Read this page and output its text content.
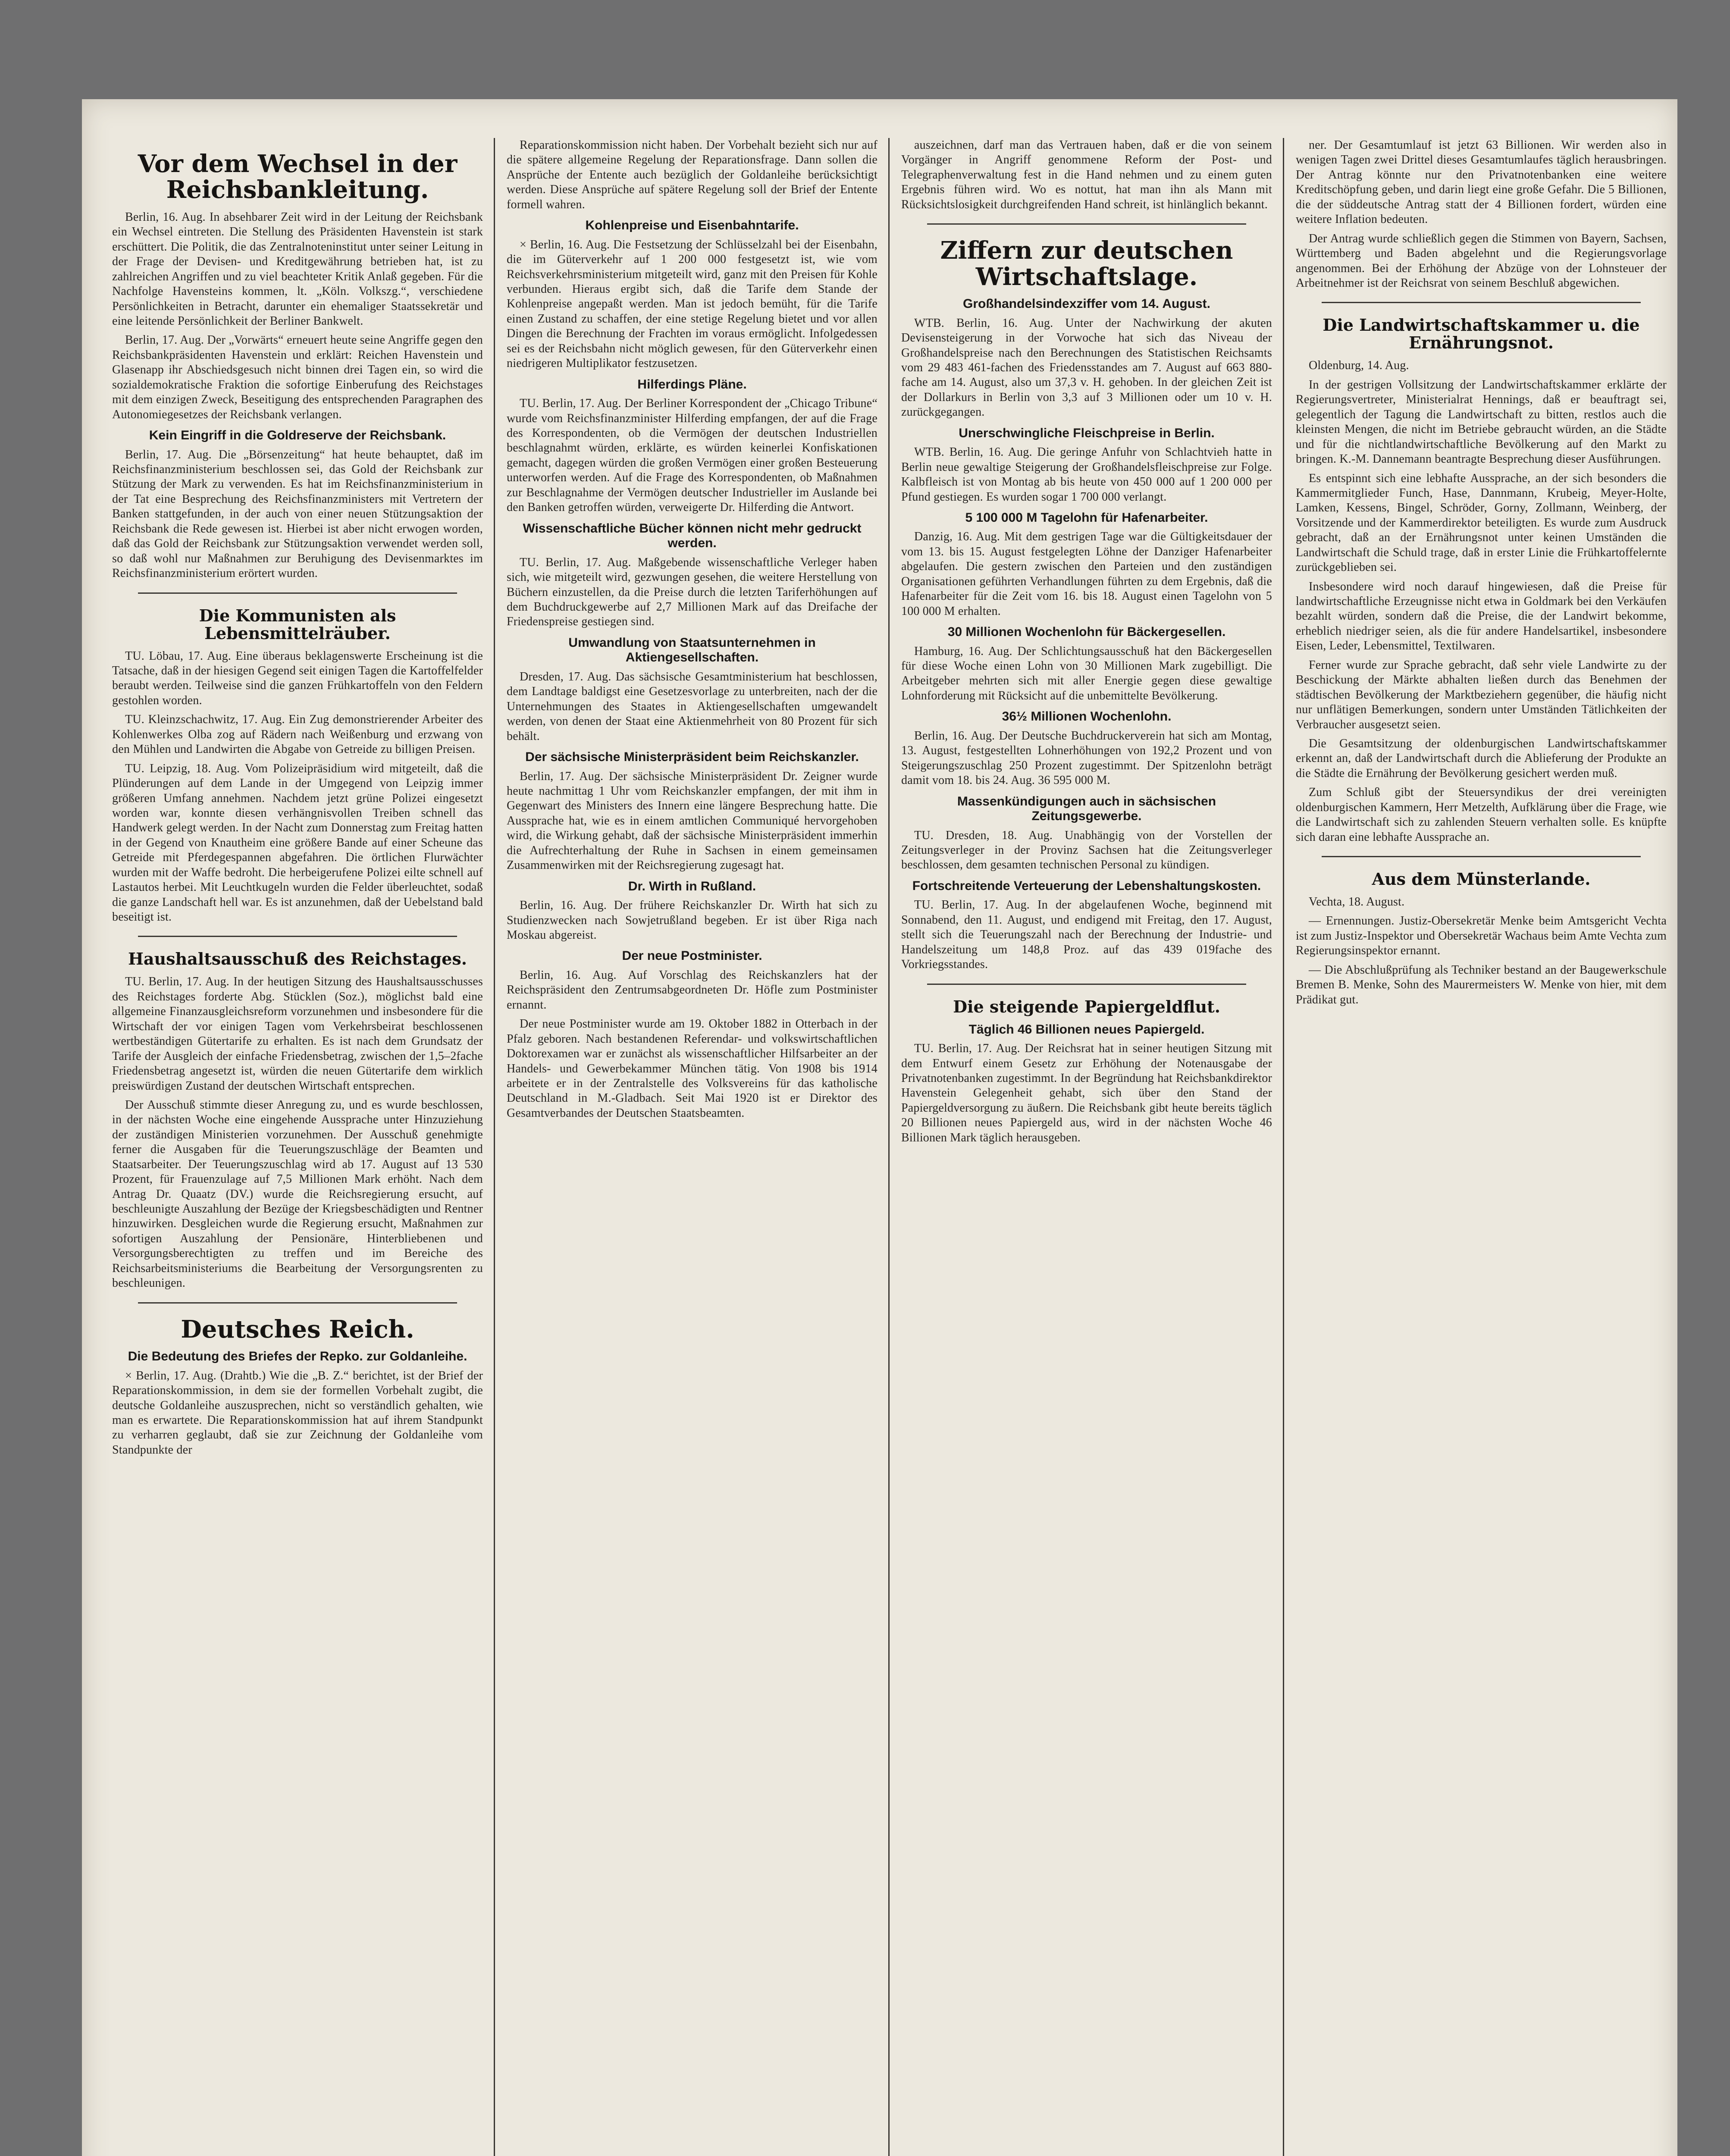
Vor dem Wechsel in der Reichsbankleitung.
Berlin, 16. Aug. In absehbarer Zeit wird in der Leitung der Reichsbank ein Wechsel eintreten. Die Stellung des Präsidenten Havenstein ist stark erschüttert. Die Politik, die das Zentralnoteninstitut unter seiner Leitung in der Frage der Devisen- und Kreditgewährung betrieben hat, ist zu zahlreichen Angriffen und zu viel beachteter Kritik Anlaß gegeben. Für die Nachfolge Havensteins kommen, lt. „Köln. Volkszg.“, verschiedene Persönlichkeiten in Betracht, darunter ein ehemaliger Staatssekretär und eine leitende Persönlichkeit der Berliner Bankwelt.
Berlin, 17. Aug. Der „Vorwärts“ erneuert heute seine Angriffe gegen den Reichsbankpräsidenten Havenstein und erklärt: Reichen Havenstein und Glasenapp ihr Abschiedsgesuch nicht binnen drei Tagen ein, so wird die sozialdemokratische Fraktion die sofortige Einberufung des Reichstages mit dem einzigen Zweck, Beseitigung des entsprechenden Paragraphen des Autonomiegesetzes der Reichsbank verlangen.
Kein Eingriff in die Goldreserve der Reichsbank.
Berlin, 17. Aug. Die „Börsenzeitung“ hat heute behauptet, daß im Reichsfinanzministerium beschlossen sei, das Gold der Reichsbank zur Stützung der Mark zu verwenden. Es hat im Reichsfinanzministerium in der Tat eine Besprechung des Reichsfinanzministers mit Vertretern der Banken stattgefunden, in der auch von einer neuen Stützungsaktion der Reichsbank die Rede gewesen ist. Hierbei ist aber nicht erwogen worden, daß das Gold der Reichsbank zur Stützungsaktion verwendet werden soll, so daß wohl nur Maßnahmen zur Beruhigung des Devisenmarktes im Reichsfinanzministerium erörtert wurden.
Die Kommunisten als Lebensmittelräuber.
TU. Löbau, 17. Aug. Eine überaus beklagenswerte Erscheinung ist die Tatsache, daß in der hiesigen Gegend seit einigen Tagen die Kartoffelfelder beraubt werden. Teilweise sind die ganzen Frühkartoffeln von den Feldern gestohlen worden.
TU. Kleinzschachwitz, 17. Aug. Ein Zug demonstrierender Arbeiter des Kohlenwerkes Olba zog auf Rädern nach Weißenburg und erzwang von den Mühlen und Landwirten die Abgabe von Getreide zu billigen Preisen.
TU. Leipzig, 18. Aug. Vom Polizeipräsidium wird mitgeteilt, daß die Plünderungen auf dem Lande in der Umgegend von Leipzig immer größeren Umfang annehmen. Nachdem jetzt grüne Polizei eingesetzt worden war, konnte diesen verhängnisvollen Treiben schnell das Handwerk gelegt werden. In der Nacht zum Donnerstag zum Freitag hatten in der Gegend von Knautheim eine größere Bande auf einer Scheune das Getreide mit Pferdegespannen abgefahren. Die örtlichen Flurwächter wurden mit der Waffe bedroht. Die herbeigerufene Polizei eilte schnell auf Lastautos herbei. Mit Leuchtkugeln wurden die Felder überleuchtet, sodaß die ganze Landschaft hell war. Es ist anzunehmen, daß der Uebelstand bald beseitigt ist.
Haushaltsausschuß des Reichstages.
TU. Berlin, 17. Aug. In der heutigen Sitzung des Haushaltsausschusses des Reichstages forderte Abg. Stücklen (Soz.), möglichst bald eine allgemeine Finanzausgleichsreform vorzunehmen und insbesondere für die Wirtschaft der vor einigen Tagen vom Verkehrsbeirat beschlossenen wertbeständigen Gütertarife zu erhalten. Es ist nach dem Grundsatz der Tarife der Ausgleich der einfache Friedensbetrag, zwischen der 1,5–2fache Friedensbetrag angesetzt ist, würden die neuen Gütertarife dem wirklich preiswürdigen Zustand der deutschen Wirtschaft entsprechen.
Der Ausschuß stimmte dieser Anregung zu, und es wurde beschlossen, in der nächsten Woche eine eingehende Aussprache unter Hinzuziehung der zuständigen Ministerien vorzunehmen. Der Ausschuß genehmigte ferner die Ausgaben für die Teuerungszuschläge der Beamten und Staatsarbeiter. Der Teuerungszuschlag wird ab 17. August auf 13 530 Prozent, für Frauenzulage auf 7,5 Millionen Mark erhöht. Nach dem Antrag Dr. Quaatz (DV.) wurde die Reichsregierung ersucht, auf beschleunigte Auszahlung der Bezüge der Kriegsbeschädigten und Rentner hinzuwirken. Desgleichen wurde die Regierung ersucht, Maßnahmen zur sofortigen Auszahlung der Pensionäre, Hinterbliebenen und Versorgungsberechtigten zu treffen und im Bereiche des Reichsarbeitsministeriums die Bearbeitung der Versorgungsrenten zu beschleunigen.
Deutsches Reich.
Die Bedeutung des Briefes der Repko. zur Goldanleihe.
× Berlin, 17. Aug. (Drahtb.) Wie die „B. Z.“ berichtet, ist der Brief der Reparationskommission, in dem sie der formellen Vorbehalt zugibt, die deutsche Goldanleihe auszusprechen, nicht so verständlich gehalten, wie man es erwartete. Die Reparationskommission hat auf ihrem Standpunkt zu verharren geglaubt, daß sie zur Zeichnung der Goldanleihe vom Standpunkte der
Reparationskommission nicht haben. Der Vorbehalt bezieht sich nur auf die spätere allgemeine Regelung der Reparationsfrage. Dann sollen die Ansprüche der Entente auch bezüglich der Goldanleihe berücksichtigt werden. Diese Ansprüche auf spätere Regelung soll der Brief der Entente formell wahren.
Kohlenpreise und Eisenbahntarife.
× Berlin, 16. Aug. Die Festsetzung der Schlüsselzahl bei der Eisenbahn, die im Güterverkehr auf 1 200 000 festgesetzt ist, wie vom Reichsverkehrsministerium mitgeteilt wird, ganz mit den Preisen für Kohle verbunden. Hieraus ergibt sich, daß die Tarife dem Stande der Kohlenpreise angepaßt werden. Man ist jedoch bemüht, für die Tarife einen Zustand zu schaffen, der eine stetige Regelung bietet und vor allen Dingen die Berechnung der Frachten im voraus ermöglicht. Infolgedessen sei es der Reichsbahn nicht möglich gewesen, für den Güterverkehr einen niedrigeren Multiplikator festzusetzen.
Hilferdings Pläne.
TU. Berlin, 17. Aug. Der Berliner Korrespondent der „Chicago Tribune“ wurde vom Reichsfinanzminister Hilferding empfangen, der auf die Frage des Korrespondenten, ob die Vermögen der deutschen Industriellen beschlagnahmt würden, erklärte, es würden keinerlei Konfiskationen gemacht, dagegen würden die großen Vermögen einer großen Besteuerung unterworfen werden. Auf die Frage des Korrespondenten, ob Maßnahmen zur Beschlagnahme der Vermögen deutscher Industrieller im Auslande bei den Banken getroffen würden, verweigerte Dr. Hilferding die Antwort.
Wissenschaftliche Bücher können nicht mehr gedruckt werden.
TU. Berlin, 17. Aug. Maßgebende wissenschaftliche Verleger haben sich, wie mitgeteilt wird, gezwungen gesehen, die weitere Herstellung von Büchern einzustellen, da die Preise durch die letzten Tariferhöhungen auf dem Buchdruckgewerbe auf 2,7 Millionen Mark auf das Dreifache der Friedenspreise gestiegen sind.
Umwandlung von Staatsunternehmen in Aktiengesellschaften.
Dresden, 17. Aug. Das sächsische Gesamtministerium hat beschlossen, dem Landtage baldigst eine Gesetzesvorlage zu unterbreiten, nach der die Unternehmungen des Staates in Aktiengesellschaften umgewandelt werden, von denen der Staat eine Aktienmehrheit von 80 Prozent für sich behält.
Der sächsische Ministerpräsident beim Reichskanzler.
Berlin, 17. Aug. Der sächsische Ministerpräsident Dr. Zeigner wurde heute nachmittag 1 Uhr vom Reichskanzler empfangen, der mit ihm in Gegenwart des Ministers des Innern eine längere Besprechung hatte. Die Aussprache hat, wie es in einem amtlichen Communiqué hervorgehoben wird, die Wirkung gehabt, daß der sächsische Ministerpräsident immerhin die Aufrechterhaltung der Ruhe in Sachsen in einem gemeinsamen Zusammenwirken mit der Reichsregierung zugesagt hat.
Dr. Wirth in Rußland.
Berlin, 16. Aug. Der frühere Reichskanzler Dr. Wirth hat sich zu Studienzwecken nach Sowjetrußland begeben. Er ist über Riga nach Moskau abgereist.
Der neue Postminister.
Berlin, 16. Aug. Auf Vorschlag des Reichskanzlers hat der Reichspräsident den Zentrumsabgeordneten Dr. Höfle zum Postminister ernannt.
Der neue Postminister wurde am 19. Oktober 1882 in Otterbach in der Pfalz geboren. Nach bestandenen Referendar- und volkswirtschaftlichen Doktorexamen war er zunächst als wissenschaftlicher Hilfsarbeiter an der Handels- und Gewerbekammer München tätig. Von 1908 bis 1914 arbeitete er in der Zentralstelle des Volksvereins für das katholische Deutschland in M.-Gladbach. Seit Mai 1920 ist er Direktor des Gesamtverbandes der Deutschen Staatsbeamten.
auszeichnen, darf man das Vertrauen haben, daß er die von seinem Vorgänger in Angriff genommene Reform der Post- und Telegraphenverwaltung fest in die Hand nehmen und zu einem guten Ergebnis führen wird. Wo es nottut, hat man ihn als Mann mit Rücksichtslosigkeit durchgreifenden Hand schreit, ist hinlänglich bekannt.
Ziffern zur deutschen Wirtschaftslage.
Großhandelsindexziffer vom 14. August.
WTB. Berlin, 16. Aug. Unter der Nachwirkung der akuten Devisensteigerung in der Vorwoche hat sich das Niveau der Großhandelspreise nach den Berechnungen des Statistischen Reichsamts vom 29 483 461-fachen des Friedensstandes am 7. August auf 663 880-fache am 14. August, also um 37,3 v. H. gehoben. In der gleichen Zeit ist der Dollarkurs in Berlin von 3,3 auf 3 Millionen oder um 10 v. H. zurückgegangen.
Unerschwingliche Fleischpreise in Berlin.
WTB. Berlin, 16. Aug. Die geringe Anfuhr von Schlachtvieh hatte in Berlin neue gewaltige Steigerung der Großhandelsfleischpreise zur Folge. Kalbfleisch ist von Montag ab bis heute von 450 000 auf 1 200 000 per Pfund gestiegen. Es wurden sogar 1 700 000 verlangt.
5 100 000 M Tagelohn für Hafenarbeiter.
Danzig, 16. Aug. Mit dem gestrigen Tage war die Gültigkeitsdauer der vom 13. bis 15. August festgelegten Löhne der Danziger Hafenarbeiter abgelaufen. Die gestern zwischen den Parteien und den zuständigen Organisationen geführten Verhandlungen führten zu dem Ergebnis, daß die Hafenarbeiter für die Zeit vom 16. bis 18. August einen Tagelohn von 5 100 000 M erhalten.
30 Millionen Wochenlohn für Bäckergesellen.
Hamburg, 16. Aug. Der Schlichtungsausschuß hat den Bäckergesellen für diese Woche einen Lohn von 30 Millionen Mark zugebilligt. Die Arbeitgeber mehrten sich mit aller Energie gegen diese gewaltige Lohnforderung mit Rücksicht auf die unbemittelte Bevölkerung.
36½ Millionen Wochenlohn.
Berlin, 16. Aug. Der Deutsche Buchdruckerverein hat sich am Montag, 13. August, festgestellten Lohnerhöhungen von 192,2 Prozent und von Steigerungszuschlag 250 Prozent zugestimmt. Der Spitzenlohn beträgt damit vom 18. bis 24. Aug. 36 595 000 M.
Massenkündigungen auch in sächsischen Zeitungsgewerbe.
TU. Dresden, 18. Aug. Unabhängig von der Vorstellen der Zeitungsverleger in der Provinz Sachsen hat die Zeitungsverleger beschlossen, dem gesamten technischen Personal zu kündigen.
Fortschreitende Verteuerung der Lebenshaltungskosten.
TU. Berlin, 17. Aug. In der abgelaufenen Woche, beginnend mit Sonnabend, den 11. August, und endigend mit Freitag, den 17. August, stellt sich die Teuerungszahl nach der Berechnung der Industrie- und Handelszeitung um 148,8 Proz. auf das 439 019fache des Vorkriegsstandes.
Die steigende Papiergeldflut.
Täglich 46 Billionen neues Papiergeld.
TU. Berlin, 17. Aug. Der Reichsrat hat in seiner heutigen Sitzung mit dem Entwurf einem Gesetz zur Erhöhung der Notenausgabe der Privatnotenbanken zugestimmt. In der Begründung hat Reichsbankdirektor Havenstein Gelegenheit gehabt, sich über den Stand der Papiergeldversorgung zu äußern. Die Reichsbank gibt heute bereits täglich 20 Billionen neues Papiergeld aus, wird in der nächsten Woche 46 Billionen Mark täglich herausgeben.
ner. Der Gesamtumlauf ist jetzt 63 Billionen. Wir werden also in wenigen Tagen zwei Drittel dieses Gesamtumlaufes täglich herausbringen. Der Antrag könnte nur den Privatnotenbanken eine weitere Kreditschöpfung geben, und darin liegt eine große Gefahr. Die 5 Billionen, die der süddeutsche Antrag statt der 4 Billionen fordert, würden eine weitere Inflation bedeuten.
Der Antrag wurde schließlich gegen die Stimmen von Bayern, Sachsen, Württemberg und Baden abgelehnt und die Regierungsvorlage angenommen. Bei der Erhöhung der Abzüge von der Lohnsteuer der Arbeitnehmer ist der Reichsrat von seinem Beschluß abgewichen.
Die Landwirtschaftskammer u. die Ernährungsnot.
Oldenburg, 14. Aug.
In der gestrigen Vollsitzung der Landwirtschaftskammer erklärte der Regierungsvertreter, Ministerialrat Hennings, daß er beauftragt sei, gelegentlich der Tagung die Landwirtschaft zu bitten, restlos auch die kleinsten Mengen, die nicht im Betriebe gebraucht würden, an die Städte und für die nichtlandwirtschaftliche Bevölkerung auf den Markt zu bringen. K.-M. Dannemann beantragte Besprechung dieser Ausführungen.
Es entspinnt sich eine lebhafte Aussprache, an der sich besonders die Kammermitglieder Funch, Hase, Dannmann, Krubeig, Meyer-Holte, Lamken, Kessens, Bingel, Schröder, Gorny, Zollmann, Weinberg, der Vorsitzende und der Kammerdirektor beteiligten. Es wurde zum Ausdruck gebracht, daß an der Ernährungsnot unter keinen Umständen die Landwirtschaft die Schuld trage, daß in erster Linie die Frühkartoffelernte zurückgeblieben sei.
Insbesondere wird noch darauf hingewiesen, daß die Preise für landwirtschaftliche Erzeugnisse nicht etwa in Goldmark bei den Verkäufen bezahlt würden, sondern daß die Preise, die der Landwirt bekomme, erheblich niedriger seien, als die für andere Handelsartikel, insbesondere Eisen, Leder, Lebensmittel, Textilwaren.
Ferner wurde zur Sprache gebracht, daß sehr viele Landwirte zu der Beschickung der Märkte abhalten ließen durch das Benehmen der städtischen Bevölkerung der Marktbeziehern gegenüber, die häufig nicht nur unflätigen Bemerkungen, sondern unter Umständen Tätlichkeiten der Verbraucher ausgesetzt seien.
Die Gesamtsitzung der oldenburgischen Landwirtschaftskammer erkennt an, daß der Landwirtschaft durch die Ablieferung der Produkte an die Städte die Ernährung der Bevölkerung gesichert werden muß.
Zum Schluß gibt der Steuersyndikus der drei vereinigten oldenburgischen Kammern, Herr Metzelth, Aufklärung über die Frage, wie die Landwirtschaft sich zu zahlenden Steuern verhalten solle. Es knüpfte sich daran eine lebhafte Aussprache an.
Aus dem Münsterlande.
Vechta, 18. August.
— Ernennungen. Justiz-Obersekretär Menke beim Amtsgericht Vechta ist zum Justiz-Inspektor und Obersekretär Wachaus beim Amte Vechta zum Regierungsinspektor ernannt.
— Die Abschlußprüfung als Techniker bestand an der Baugewerkschule Bremen B. Menke, Sohn des Maurermeisters W. Menke von hier, mit dem Prädikat gut.
